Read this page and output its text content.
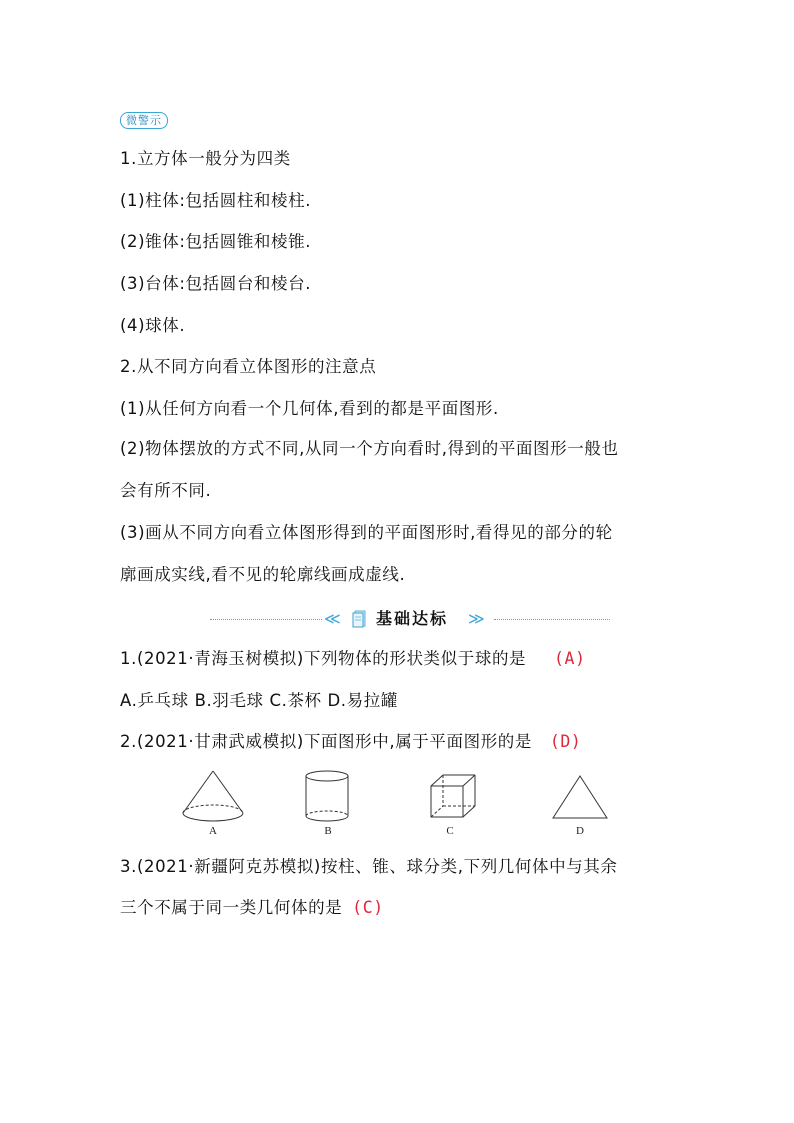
微警示
1.立方体一般分为四类
(1)柱体:包括圆柱和棱柱.
(2)锥体:包括圆锥和棱锥.
(3)台体:包括圆台和棱台.
(4)球体.
2.从不同方向看立体图形的注意点
(1)从任何方向看一个几何体,看到的都是平面图形.
(2)物体摆放的方式不同,从同一个方向看时,得到的平面图形一般也
会有所不同.
(3)画从不同方向看立体图形得到的平面图形时,看得见的部分的轮
廓画成实线,看不见的轮廓线画成虚线.
≪ 基础达标 ≫
1.(2021·青海玉树模拟)下列物体的形状类似于球的是 (A)
A.乒乓球 B.羽毛球 C.茶杯 D.易拉罐
2.(2021·甘肃武威模拟)下面图形中,属于平面图形的是 (D)
A	B	C	D
3.(2021·新疆阿克苏模拟)按柱、锥、球分类,下列几何体中与其余
三个不属于同一类几何体的是 (C)
